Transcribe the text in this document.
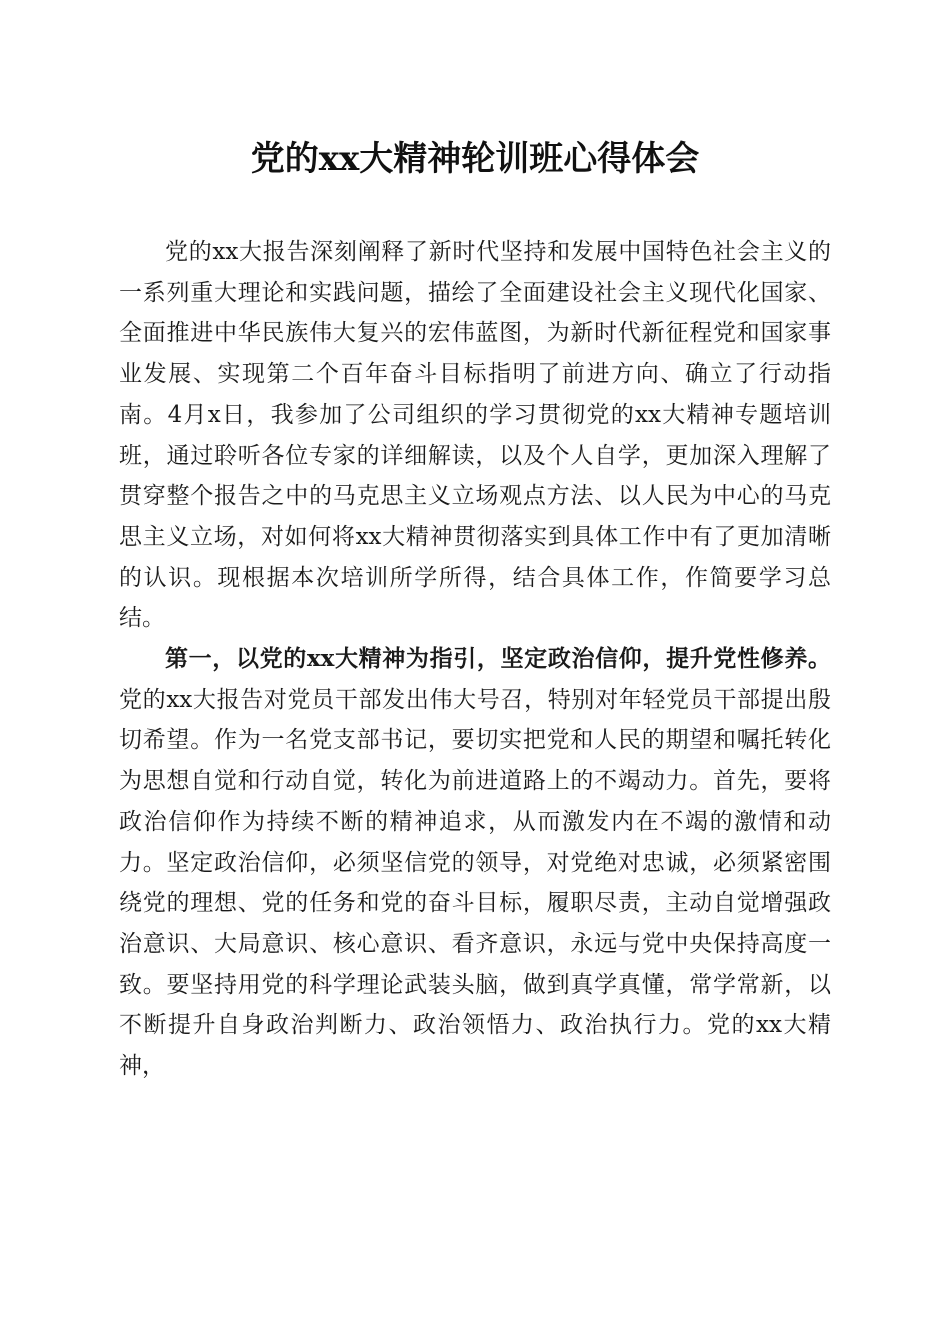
党的xx大精神轮训班心得体会

党的xx大报告深刻阐释了新时代坚持和发展中国特色社会主义的一系列重大理论和实践问题，描绘了全面建设社会主义现代化国家、全面推进中华民族伟大复兴的宏伟蓝图，为新时代新征程党和国家事业发展、实现第二个百年奋斗目标指明了前进方向、确立了行动指南。4月x日，我参加了公司组织的学习贯彻党的xx大精神专题培训班，通过聆听各位专家的详细解读，以及个人自学，更加深入理解了贯穿整个报告之中的马克思主义立场观点方法、以人民为中心的马克思主义立场，对如何将xx大精神贯彻落实到具体工作中有了更加清晰的认识。现根据本次培训所学所得，结合具体工作，作简要学习总结。

第一，以党的xx大精神为指引，坚定政治信仰，提升党性修养。党的xx大报告对党员干部发出伟大号召，特别对年轻党员干部提出殷切希望。作为一名党支部书记，要切实把党和人民的期望和嘱托转化为思想自觉和行动自觉，转化为前进道路上的不竭动力。首先，要将政治信仰作为持续不断的精神追求，从而激发内在不竭的激情和动力。坚定政治信仰，必须坚信党的领导，对党绝对忠诚，必须紧密围绕党的理想、党的任务和党的奋斗目标，履职尽责，主动自觉增强政治意识、大局意识、核心意识、看齐意识，永远与党中央保持高度一致。要坚持用党的科学理论武装头脑，做到真学真懂，常学常新，以不断提升自身政治判断力、政治领悟力、政治执行力。党的xx大精神，
